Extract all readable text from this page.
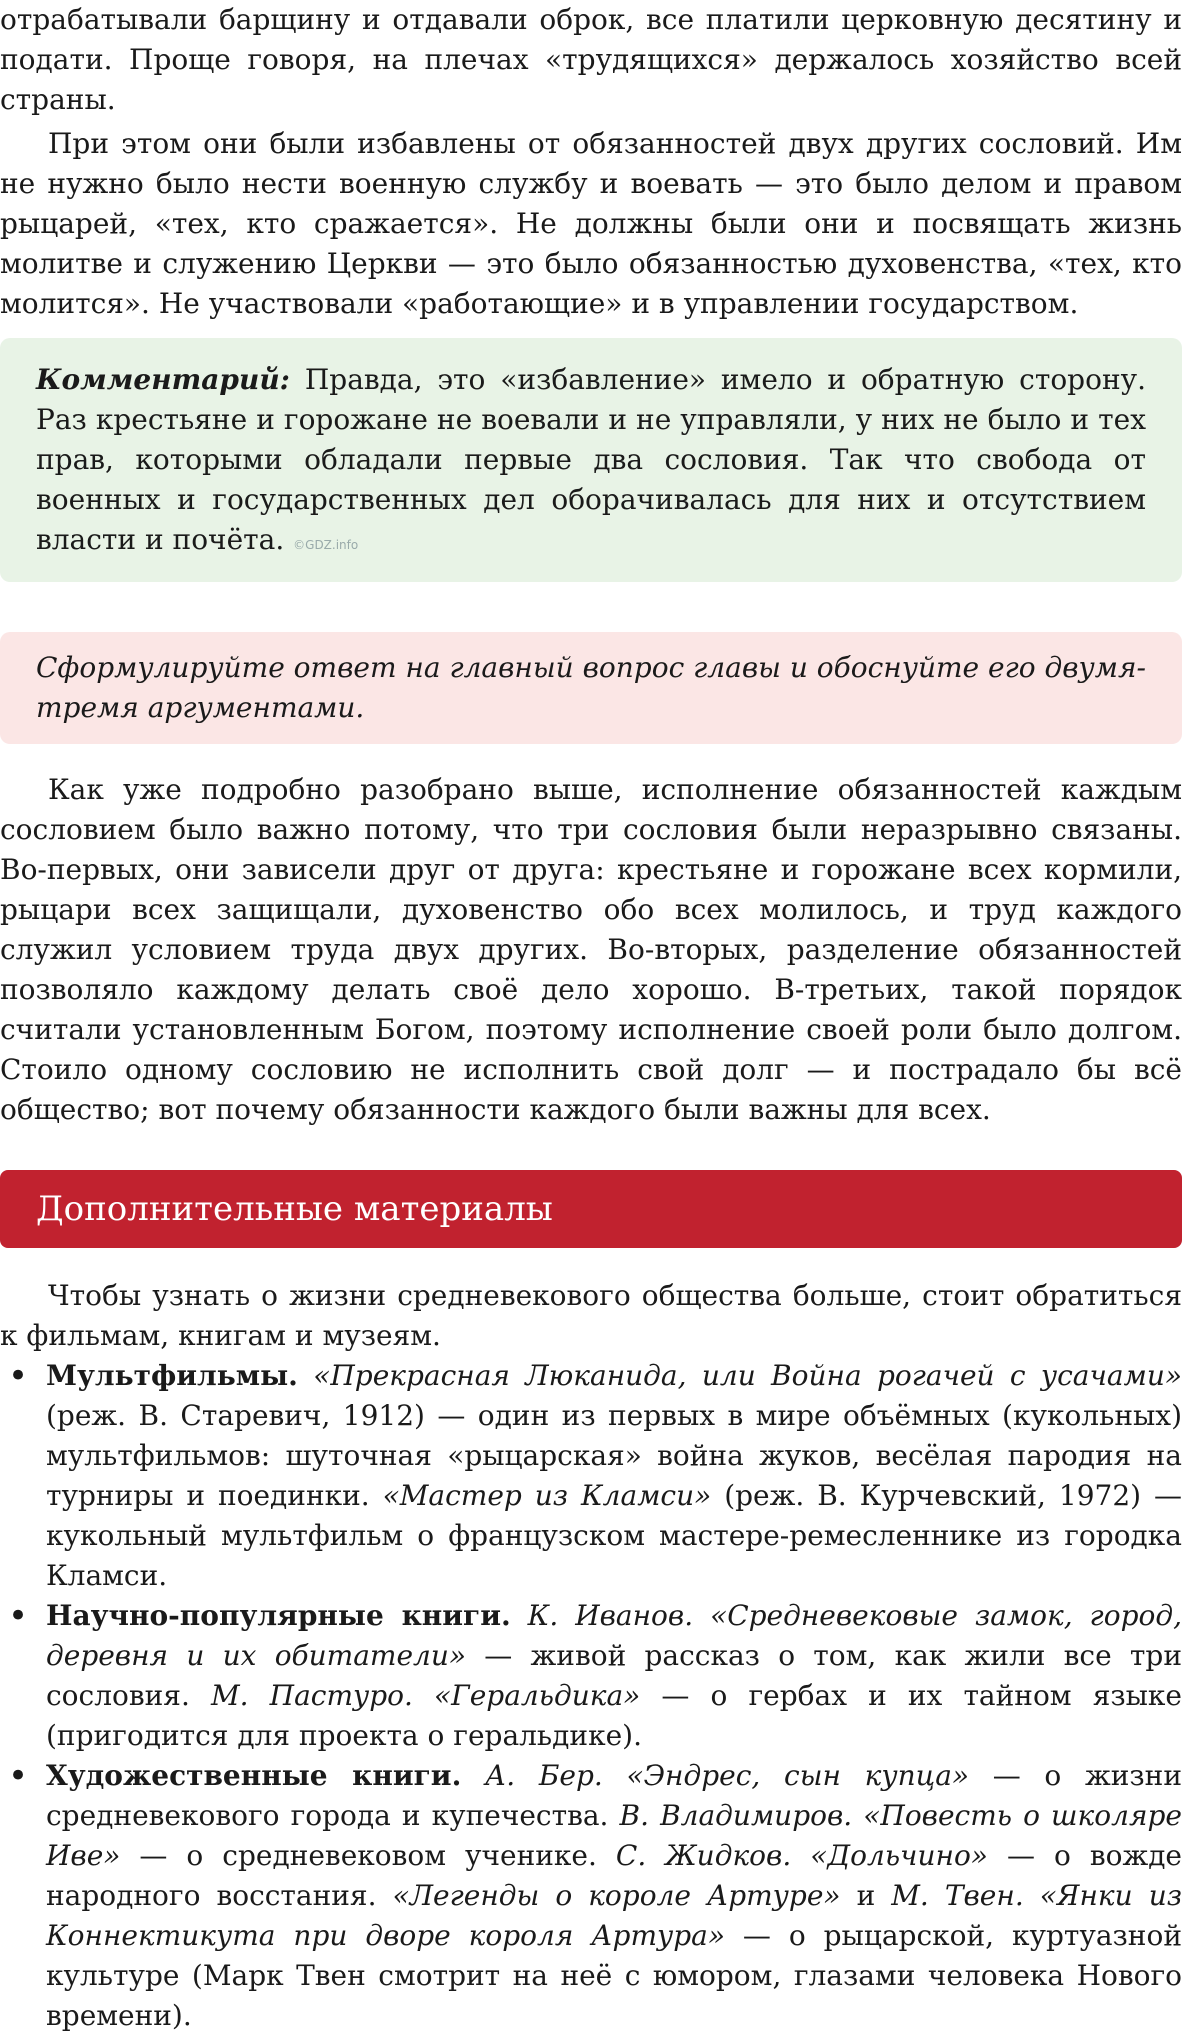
отрабатывали барщину и отдавали оброк, все платили церковную десятину и подати. Проще говоря, на плечах «трудящихся» держалось хозяйство всей страны.

При этом они были избавлены от обязанностей двух других сословий. Им не нужно было нести военную службу и воевать — это было делом и правом рыцарей, «тех, кто сражается». Не должны были они и посвящать жизнь молитве и служению Церкви — это было обязанностью духовенства, «тех, кто молится». Не участвовали «работающие» и в управлении государством.

Комментарий: Правда, это «избавление» имело и обратную сторону. Раз крестьяне и горожане не воевали и не управляли, у них не было и тех прав, которыми обладали первые два сословия. Так что свобода от военных и государственных дел оборачивалась для них и отсутствием власти и почёта. ©GDZ.info
Сформулируйте ответ на главный вопрос главы и обоснуйте его двумя-тремя аргументами.
Как уже подробно разобрано выше, исполнение обязанностей каждым сословием было важно потому, что три сословия были неразрывно связаны. Во-первых, они зависели друг от друга: крестьяне и горожане всех кормили, рыцари всех защищали, духовенство обо всех молилось, и труд каждого служил условием труда двух других. Во-вторых, разделение обязанностей позволяло каждому делать своё дело хорошо. В-третьих, такой порядок считали установленным Богом, поэтому исполнение своей роли было долгом. Стоило одному сословию не исполнить свой долг — и пострадало бы всё общество; вот почему обязанности каждого были важны для всех.
Дополнительные материалы

Чтобы узнать о жизни средневекового общества больше, стоит обратиться к фильмам, книгам и музеям.

• Мультфильмы. «Прекрасная Люканида, или Война рогачей с усачами» (реж. В. Старевич, 1912) — один из первых в мире объёмных (кукольных) мультфильмов: шуточная «рыцарская» война жуков, весёлая пародия на турниры и поединки. «Мастер из Кламси» (реж. В. Курчевский, 1972) — кукольный мультфильм о французском мастере-ремесленнике из городка Кламси.
• Научно-популярные книги. К. Иванов. «Средневековые замок, город, деревня и их обитатели» — живой рассказ о том, как жили все три сословия. М. Пастуро. «Геральдика» — о гербах и их тайном языке (пригодится для проекта о геральдике).
• Художественные книги. А. Бер. «Эндрес, сын купца» — о жизни средневекового города и купечества. В. Владимиров. «Повесть о школяре Иве» — о средневековом ученике. С. Жидков. «Дольчино» — о вожде народного восстания. «Легенды о короле Артуре» и М. Твен. «Янки из Коннектикута при дворе короля Артура» — о рыцарской, куртуазной культуре (Марк Твен смотрит на неё с юмором, глазами человека Нового времени).
